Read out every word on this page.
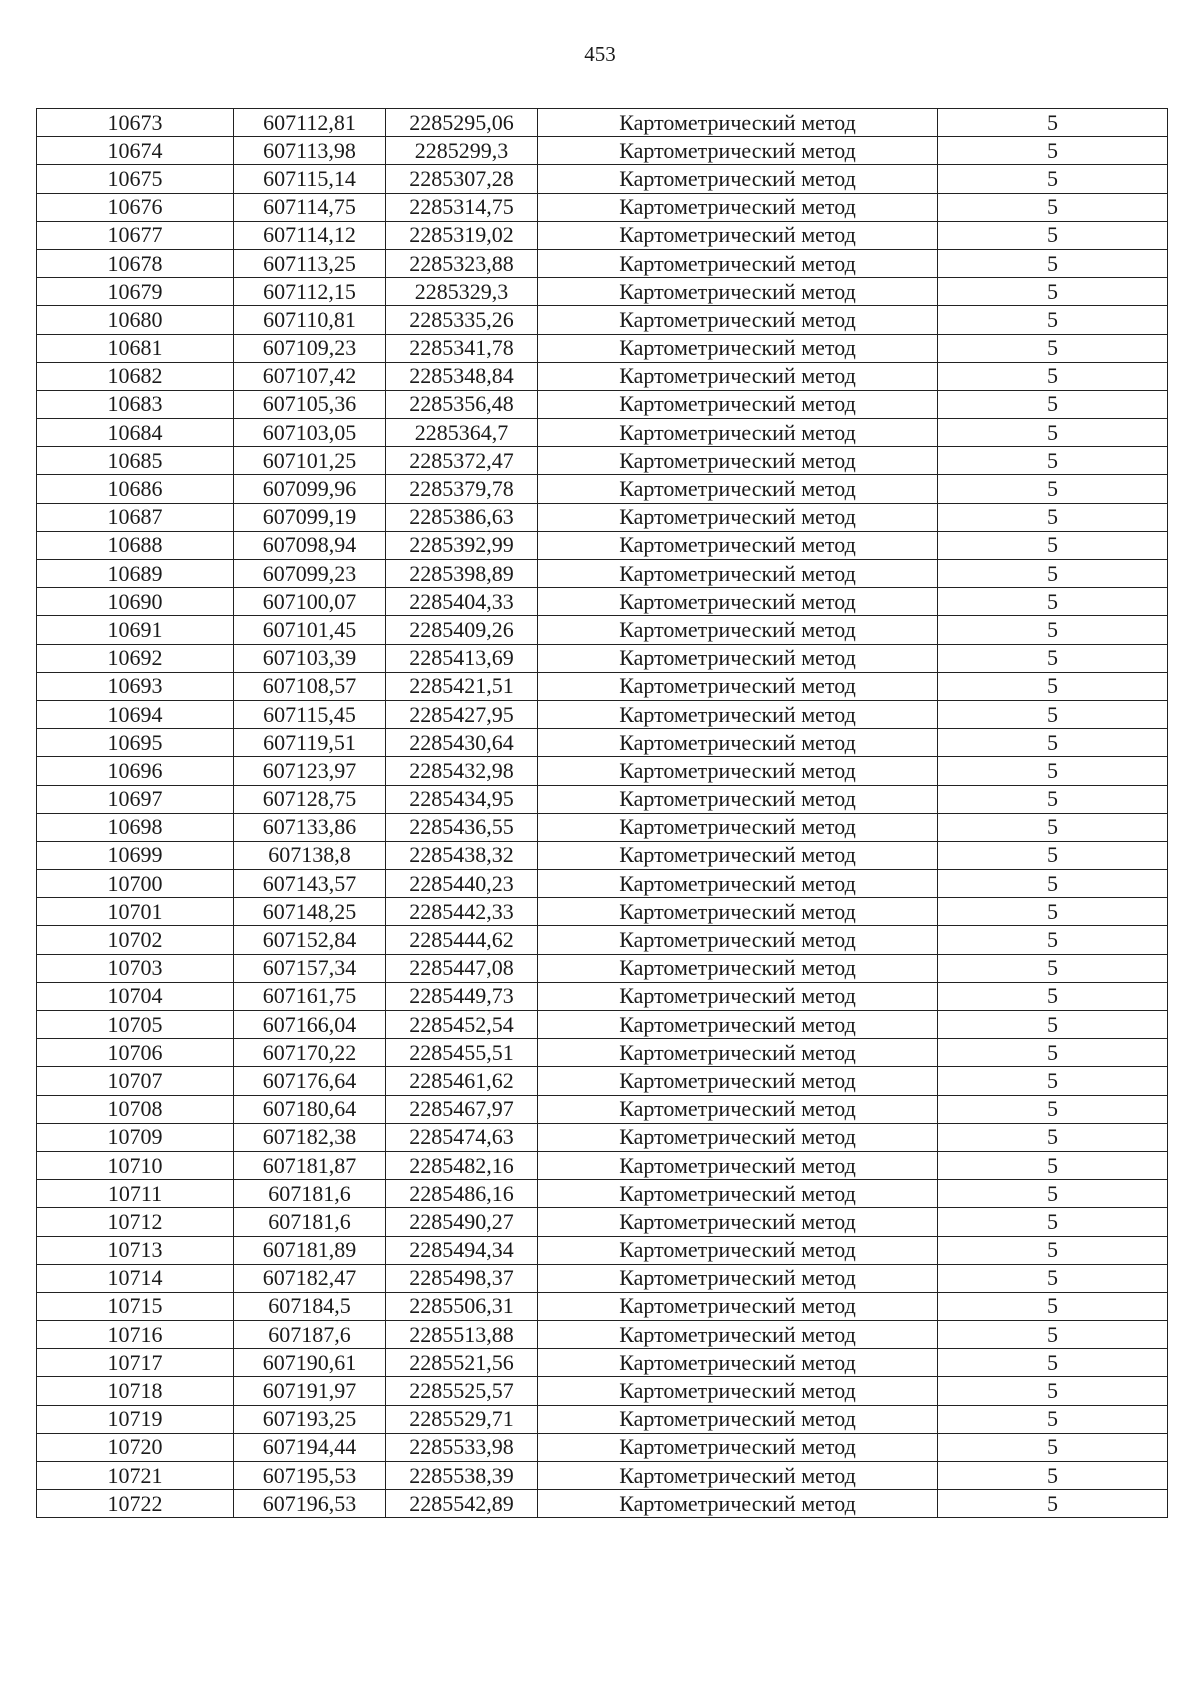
453
10673	607112,81	2285295,06	Картометрический метод	5
10674	607113,98	2285299,3	Картометрический метод	5
10675	607115,14	2285307,28	Картометрический метод	5
10676	607114,75	2285314,75	Картометрический метод	5
10677	607114,12	2285319,02	Картометрический метод	5
10678	607113,25	2285323,88	Картометрический метод	5
10679	607112,15	2285329,3	Картометрический метод	5
10680	607110,81	2285335,26	Картометрический метод	5
10681	607109,23	2285341,78	Картометрический метод	5
10682	607107,42	2285348,84	Картометрический метод	5
10683	607105,36	2285356,48	Картометрический метод	5
10684	607103,05	2285364,7	Картометрический метод	5
10685	607101,25	2285372,47	Картометрический метод	5
10686	607099,96	2285379,78	Картометрический метод	5
10687	607099,19	2285386,63	Картометрический метод	5
10688	607098,94	2285392,99	Картометрический метод	5
10689	607099,23	2285398,89	Картометрический метод	5
10690	607100,07	2285404,33	Картометрический метод	5
10691	607101,45	2285409,26	Картометрический метод	5
10692	607103,39	2285413,69	Картометрический метод	5
10693	607108,57	2285421,51	Картометрический метод	5
10694	607115,45	2285427,95	Картометрический метод	5
10695	607119,51	2285430,64	Картометрический метод	5
10696	607123,97	2285432,98	Картометрический метод	5
10697	607128,75	2285434,95	Картометрический метод	5
10698	607133,86	2285436,55	Картометрический метод	5
10699	607138,8	2285438,32	Картометрический метод	5
10700	607143,57	2285440,23	Картометрический метод	5
10701	607148,25	2285442,33	Картометрический метод	5
10702	607152,84	2285444,62	Картометрический метод	5
10703	607157,34	2285447,08	Картометрический метод	5
10704	607161,75	2285449,73	Картометрический метод	5
10705	607166,04	2285452,54	Картометрический метод	5
10706	607170,22	2285455,51	Картометрический метод	5
10707	607176,64	2285461,62	Картометрический метод	5
10708	607180,64	2285467,97	Картометрический метод	5
10709	607182,38	2285474,63	Картометрический метод	5
10710	607181,87	2285482,16	Картометрический метод	5
10711	607181,6	2285486,16	Картометрический метод	5
10712	607181,6	2285490,27	Картометрический метод	5
10713	607181,89	2285494,34	Картометрический метод	5
10714	607182,47	2285498,37	Картометрический метод	5
10715	607184,5	2285506,31	Картометрический метод	5
10716	607187,6	2285513,88	Картометрический метод	5
10717	607190,61	2285521,56	Картометрический метод	5
10718	607191,97	2285525,57	Картометрический метод	5
10719	607193,25	2285529,71	Картометрический метод	5
10720	607194,44	2285533,98	Картометрический метод	5
10721	607195,53	2285538,39	Картометрический метод	5
10722	607196,53	2285542,89	Картометрический метод	5
